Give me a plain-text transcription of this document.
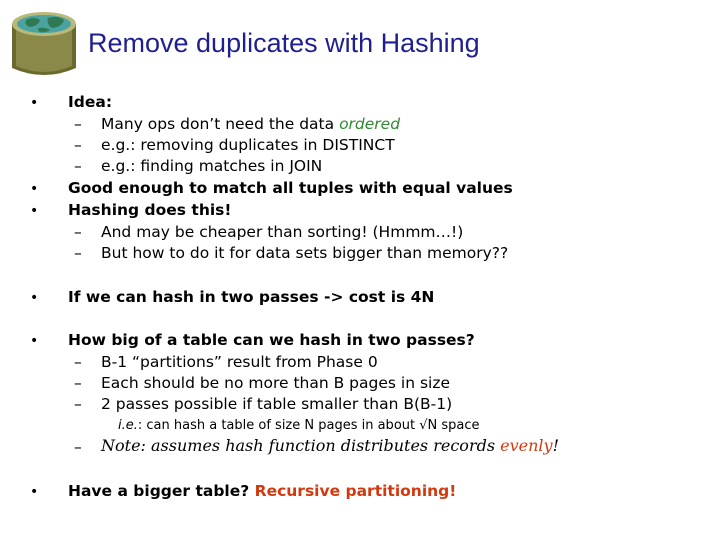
Remove duplicates with Hashing
• Idea:
– Many ops don’t need the data ordered
– e.g.: removing duplicates in DISTINCT
– e.g.: finding matches in JOIN
• Good enough to match all tuples with equal values
• Hashing does this!
– And may be cheaper than sorting! (Hmmm…!)
– But how to do it for data sets bigger than memory??
• If we can hash in two passes -> cost is 4N
• How big of a table can we hash in two passes?
– B-1 “partitions” result from Phase 0
– Each should be no more than B pages in size
– 2 passes possible if table smaller than B(B-1)
i.e.: can hash a table of size N pages in about √N space
– Note: assumes hash function distributes records evenly!
• Have a bigger table? Recursive partitioning!
